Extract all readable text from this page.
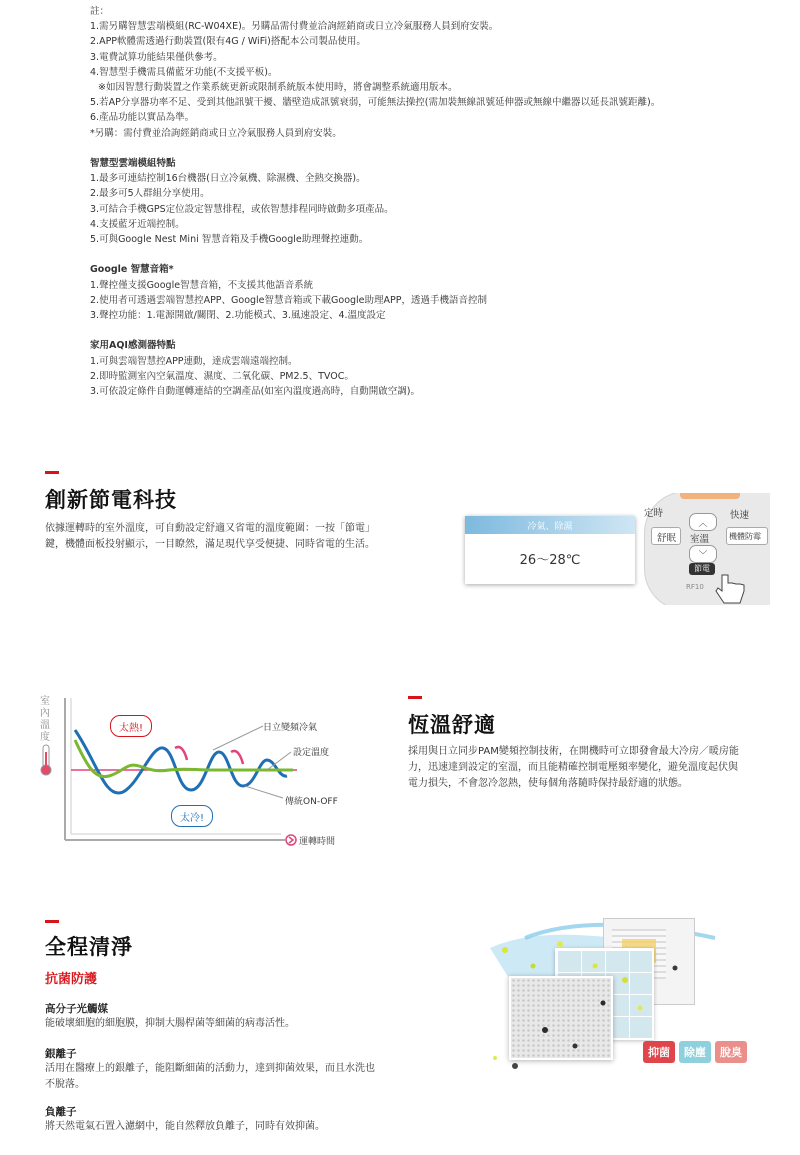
註：
1.需另購智慧雲端模組(RC-W04XE)。另購品需付費並洽詢經銷商或日立冷氣服務人員到府安裝。
2.APP軟體需透過行動裝置(限有4G / WiFi)搭配本公司製品使用。
3.電費試算功能結果僅供參考。
4.智慧型手機需具備藍牙功能(不支援平板)。
※如因智慧行動裝置之作業系統更新或限制系統版本使用時，將會調整系統適用版本。
5.若AP分享器功率不足、受到其他訊號干擾、牆壁造成訊號衰弱，可能無法操控(需加裝無線訊號延伸器或無線中繼器以延長訊號距離)。
6.產品功能以實品為準。
*另購：需付費並洽詢經銷商或日立冷氣服務人員到府安裝。
智慧型雲端模組特點
1.最多可連結控制16台機器(日立冷氣機、除濕機、全熱交換器)。
2.最多可5人群組分享使用。
3.可結合手機GPS定位設定智慧排程，或依智慧排程同時啟動多項產品。
4.支援藍牙近端控制。
5.可與Google Nest Mini 智慧音箱及手機Google助理聲控連動。
Google 智慧音箱*
1.聲控僅支援Google智慧音箱，不支援其他語音系統
2.使用者可透過雲端智慧控APP、Google智慧音箱或下載Google助理APP，透過手機語音控制
3.聲控功能：1.電源開啟/關閉、2.功能模式、3.風速設定、4.溫度設定
家用AQI感測器特點
1.可與雲端智慧控APP連動，達成雲端遠端控制。
2.即時監測室內空氣溫度、濕度、二氧化碳、PM2.5、TVOC。
3.可依設定條件自動運轉連結的空調產品(如室內溫度過高時，自動開啟空調)。
創新節電科技
依據運轉時的室外溫度，可自動設定舒適又省電的溫度範圍：一按「節電」
鍵，機體面板投射顯示，一目瞭然，滿足現代享受便捷、同時省電的生活。
冷氣、除濕
26～28℃
定時	快速
︿
舒眠 室溫 機體防霉
﹀
節電
RF10
室內溫度
太熱!
太冷!
日立變頻冷氣
設定溫度
傳統ON-OFF
運轉時間
恆溫舒適
採用與日立同步PAM變頻控制技術，在開機時可立即發會最大冷房／暖房能
力，迅速達到設定的室溫，而且能精確控制電壓頻率變化，避免溫度起伏與
電力損失，不會忽冷忽熱，使每個角落隨時保持最舒適的狀態。
全程清淨
抗菌防護
高分子光觸媒
能破壞細胞的細胞膜，抑制大腸桿菌等細菌的病毒活性。
銀離子
活用在醫療上的銀離子，能阻斷細菌的活動力，達到抑菌效果，而且水洗也
不脫落。
負離子
將天然電氣石置入濾網中，能自然釋放負離子，同時有效抑菌。
抑菌	除塵	脫臭
